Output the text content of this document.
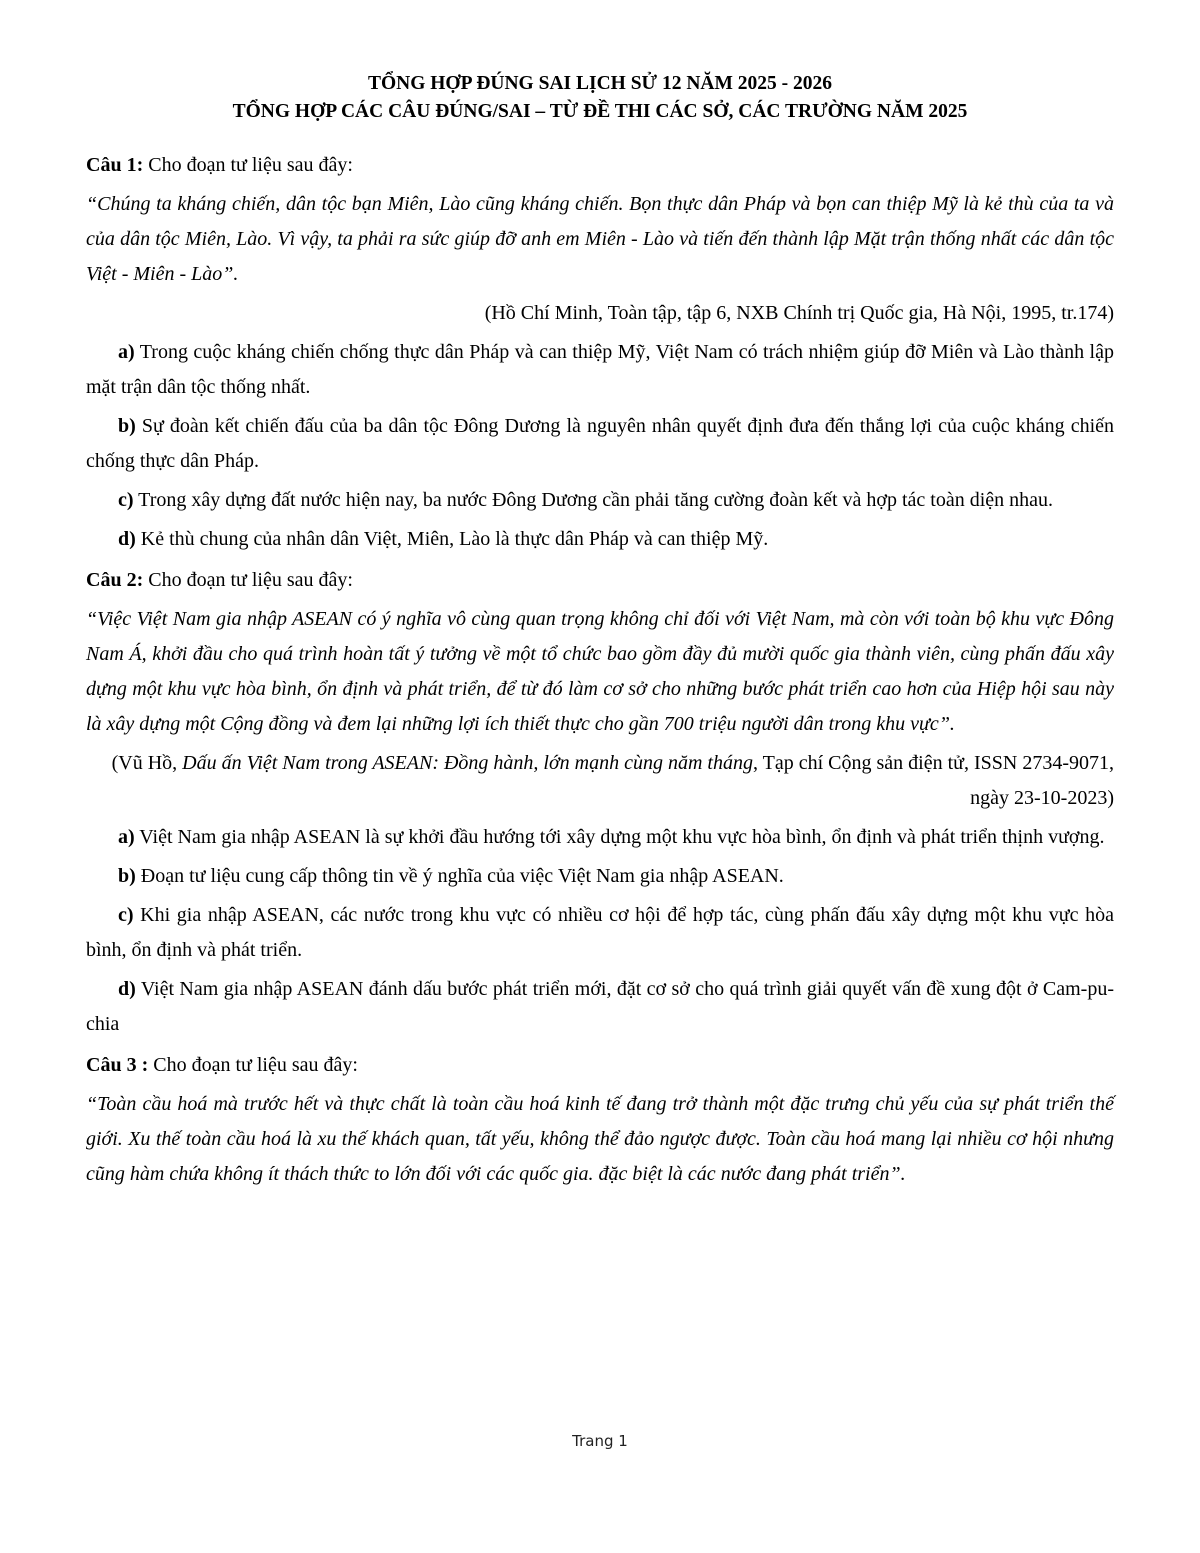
TỔNG HỢP ĐÚNG SAI LỊCH SỬ 12 NĂM 2025 - 2026

TỔNG HỢP CÁC CÂU ĐÚNG/SAI – TỪ ĐỀ THI CÁC SỞ, CÁC TRƯỜNG NĂM 2025

Câu 1: Cho đoạn tư liệu sau đây:

“Chúng ta kháng chiến, dân tộc bạn Miên, Lào cũng kháng chiến. Bọn thực dân Pháp và bọn can thiệp Mỹ là kẻ thù của ta và của dân tộc Miên, Lào. Vì vậy, ta phải ra sức giúp đỡ anh em Miên - Lào và tiến đến thành lập Mặt trận thống nhất các dân tộc Việt - Miên - Lào”.

(Hồ Chí Minh, Toàn tập, tập 6, NXB Chính trị Quốc gia, Hà Nội, 1995, tr.174)

a) Trong cuộc kháng chiến chống thực dân Pháp và can thiệp Mỹ, Việt Nam có trách nhiệm giúp đỡ Miên và Lào thành lập mặt trận dân tộc thống nhất.

b) Sự đoàn kết chiến đấu của ba dân tộc Đông Dương là nguyên nhân quyết định đưa đến thắng lợi của cuộc kháng chiến chống thực dân Pháp.

c) Trong xây dựng đất nước hiện nay, ba nước Đông Dương cần phải tăng cường đoàn kết và hợp tác toàn diện nhau.

d) Kẻ thù chung của nhân dân Việt, Miên, Lào là thực dân Pháp và can thiệp Mỹ.

Câu 2: Cho đoạn tư liệu sau đây:

“Việc Việt Nam gia nhập ASEAN có ý nghĩa vô cùng quan trọng không chỉ đối với Việt Nam, mà còn với toàn bộ khu vực Đông Nam Á, khởi đầu cho quá trình hoàn tất ý tưởng về một tổ chức bao gồm đầy đủ mười quốc gia thành viên, cùng phấn đấu xây dựng một khu vực hòa bình, ổn định và phát triển, để từ đó làm cơ sở cho những bước phát triển cao hơn của Hiệp hội sau này là xây dựng một Cộng đồng và đem lại những lợi ích thiết thực cho gần 700 triệu người dân trong khu vực”.

(Vũ Hồ, Dấu ấn Việt Nam trong ASEAN: Đồng hành, lớn mạnh cùng năm tháng, Tạp chí Cộng sản điện tử, ISSN 2734-9071, ngày 23-10-2023)

a) Việt Nam gia nhập ASEAN là sự khởi đầu hướng tới xây dựng một khu vực hòa bình, ổn định và phát triển thịnh vượng.

b) Đoạn tư liệu cung cấp thông tin về ý nghĩa của việc Việt Nam gia nhập ASEAN.

c) Khi gia nhập ASEAN, các nước trong khu vực có nhiều cơ hội để hợp tác, cùng phấn đấu xây dựng một khu vực hòa bình, ổn định và phát triển.

d) Việt Nam gia nhập ASEAN đánh dấu bước phát triển mới, đặt cơ sở cho quá trình giải quyết vấn đề xung đột ở Cam-pu-chia

Câu 3 : Cho đoạn tư liệu sau đây:

“Toàn cầu hoá mà trước hết và thực chất là toàn cầu hoá kinh tế đang trở thành một đặc trưng chủ yếu của sự phát triển thế giới. Xu thế toàn cầu hoá là xu thế khách quan, tất yếu, không thể đảo ngược được. Toàn cầu hoá mang lại nhiều cơ hội nhưng cũng hàm chứa không ít thách thức to lớn đối với các quốc gia. đặc biệt là các nước đang phát triển”.

Trang 1
